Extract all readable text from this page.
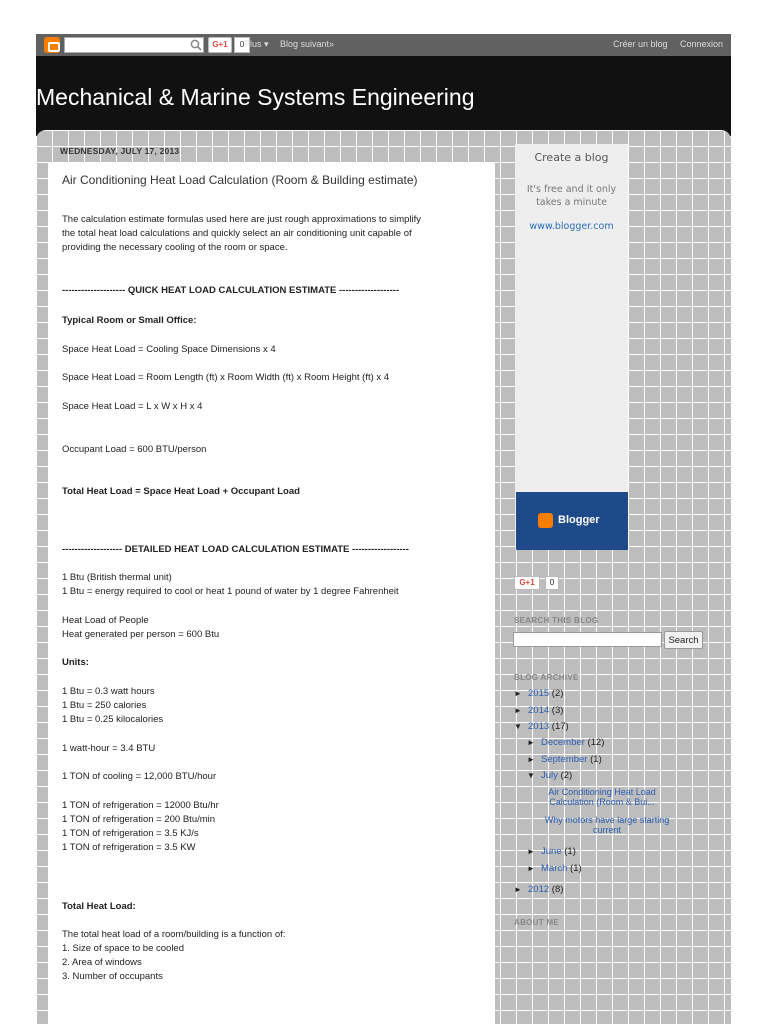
G+1	0 Plus ▾ Blog suivant»	Créer un blog Connexion
Mechanical & Marine Systems Engineering
WEDNESDAY, JULY 17, 2013
Air Conditioning Heat Load Calculation (Room & Building estimate)
The calculation estimate formulas used here are just rough approximations to simplify
the total heat load calculations and quickly select an air conditioning unit capable of
providing the necessary cooling of the room or space.
-------------------- QUICK HEAT LOAD CALCULATION ESTIMATE -------------------
Typical Room or Small Office:
Space Heat Load = Cooling Space Dimensions x 4
Space Heat Load = Room Length (ft) x Room Width (ft) x Room Height (ft) x 4
Space Heat Load = L x W x H x 4
Occupant Load = 600 BTU/person
Total Heat Load = Space Heat Load + Occupant Load
------------------- DETAILED HEAT LOAD CALCULATION ESTIMATE ------------------
1 Btu (British thermal unit)
1 Btu = energy required to cool or heat 1 pound of water by 1 degree Fahrenheit
Heat Load of People
Heat generated per person = 600 Btu
Units:
1 Btu = 0.3 watt hours
1 Btu = 250 calories
1 Btu = 0.25 kilocalories
1 watt-hour = 3.4 BTU
1 TON of cooling = 12,000 BTU/hour
1 TON of refrigeration = 12000 Btu/hr
1 TON of refrigeration = 200 Btu/min
1 TON of refrigeration = 3.5 KJ/s
1 TON of refrigeration = 3.5 KW
Total Heat Load:
The total heat load of a room/building is a function of:
1. Size of space to be cooled
2. Area of windows
3. Number of occupants
Create a blog
It's free and it only takes a minute
www.blogger.com
Blogger
G+1	0
SEARCH THIS BLOG
Search
BLOG ARCHIVE
► 2015 (2)
► 2014 (3)
▼ 2013 (17)
► December (12)
► September (1)
▼ July (2)
Air Conditioning Heat Load Calculation (Room & Bui...
Why motors have large starting current
► June (1)
► March (1)
► 2012 (8)
ABOUT ME
